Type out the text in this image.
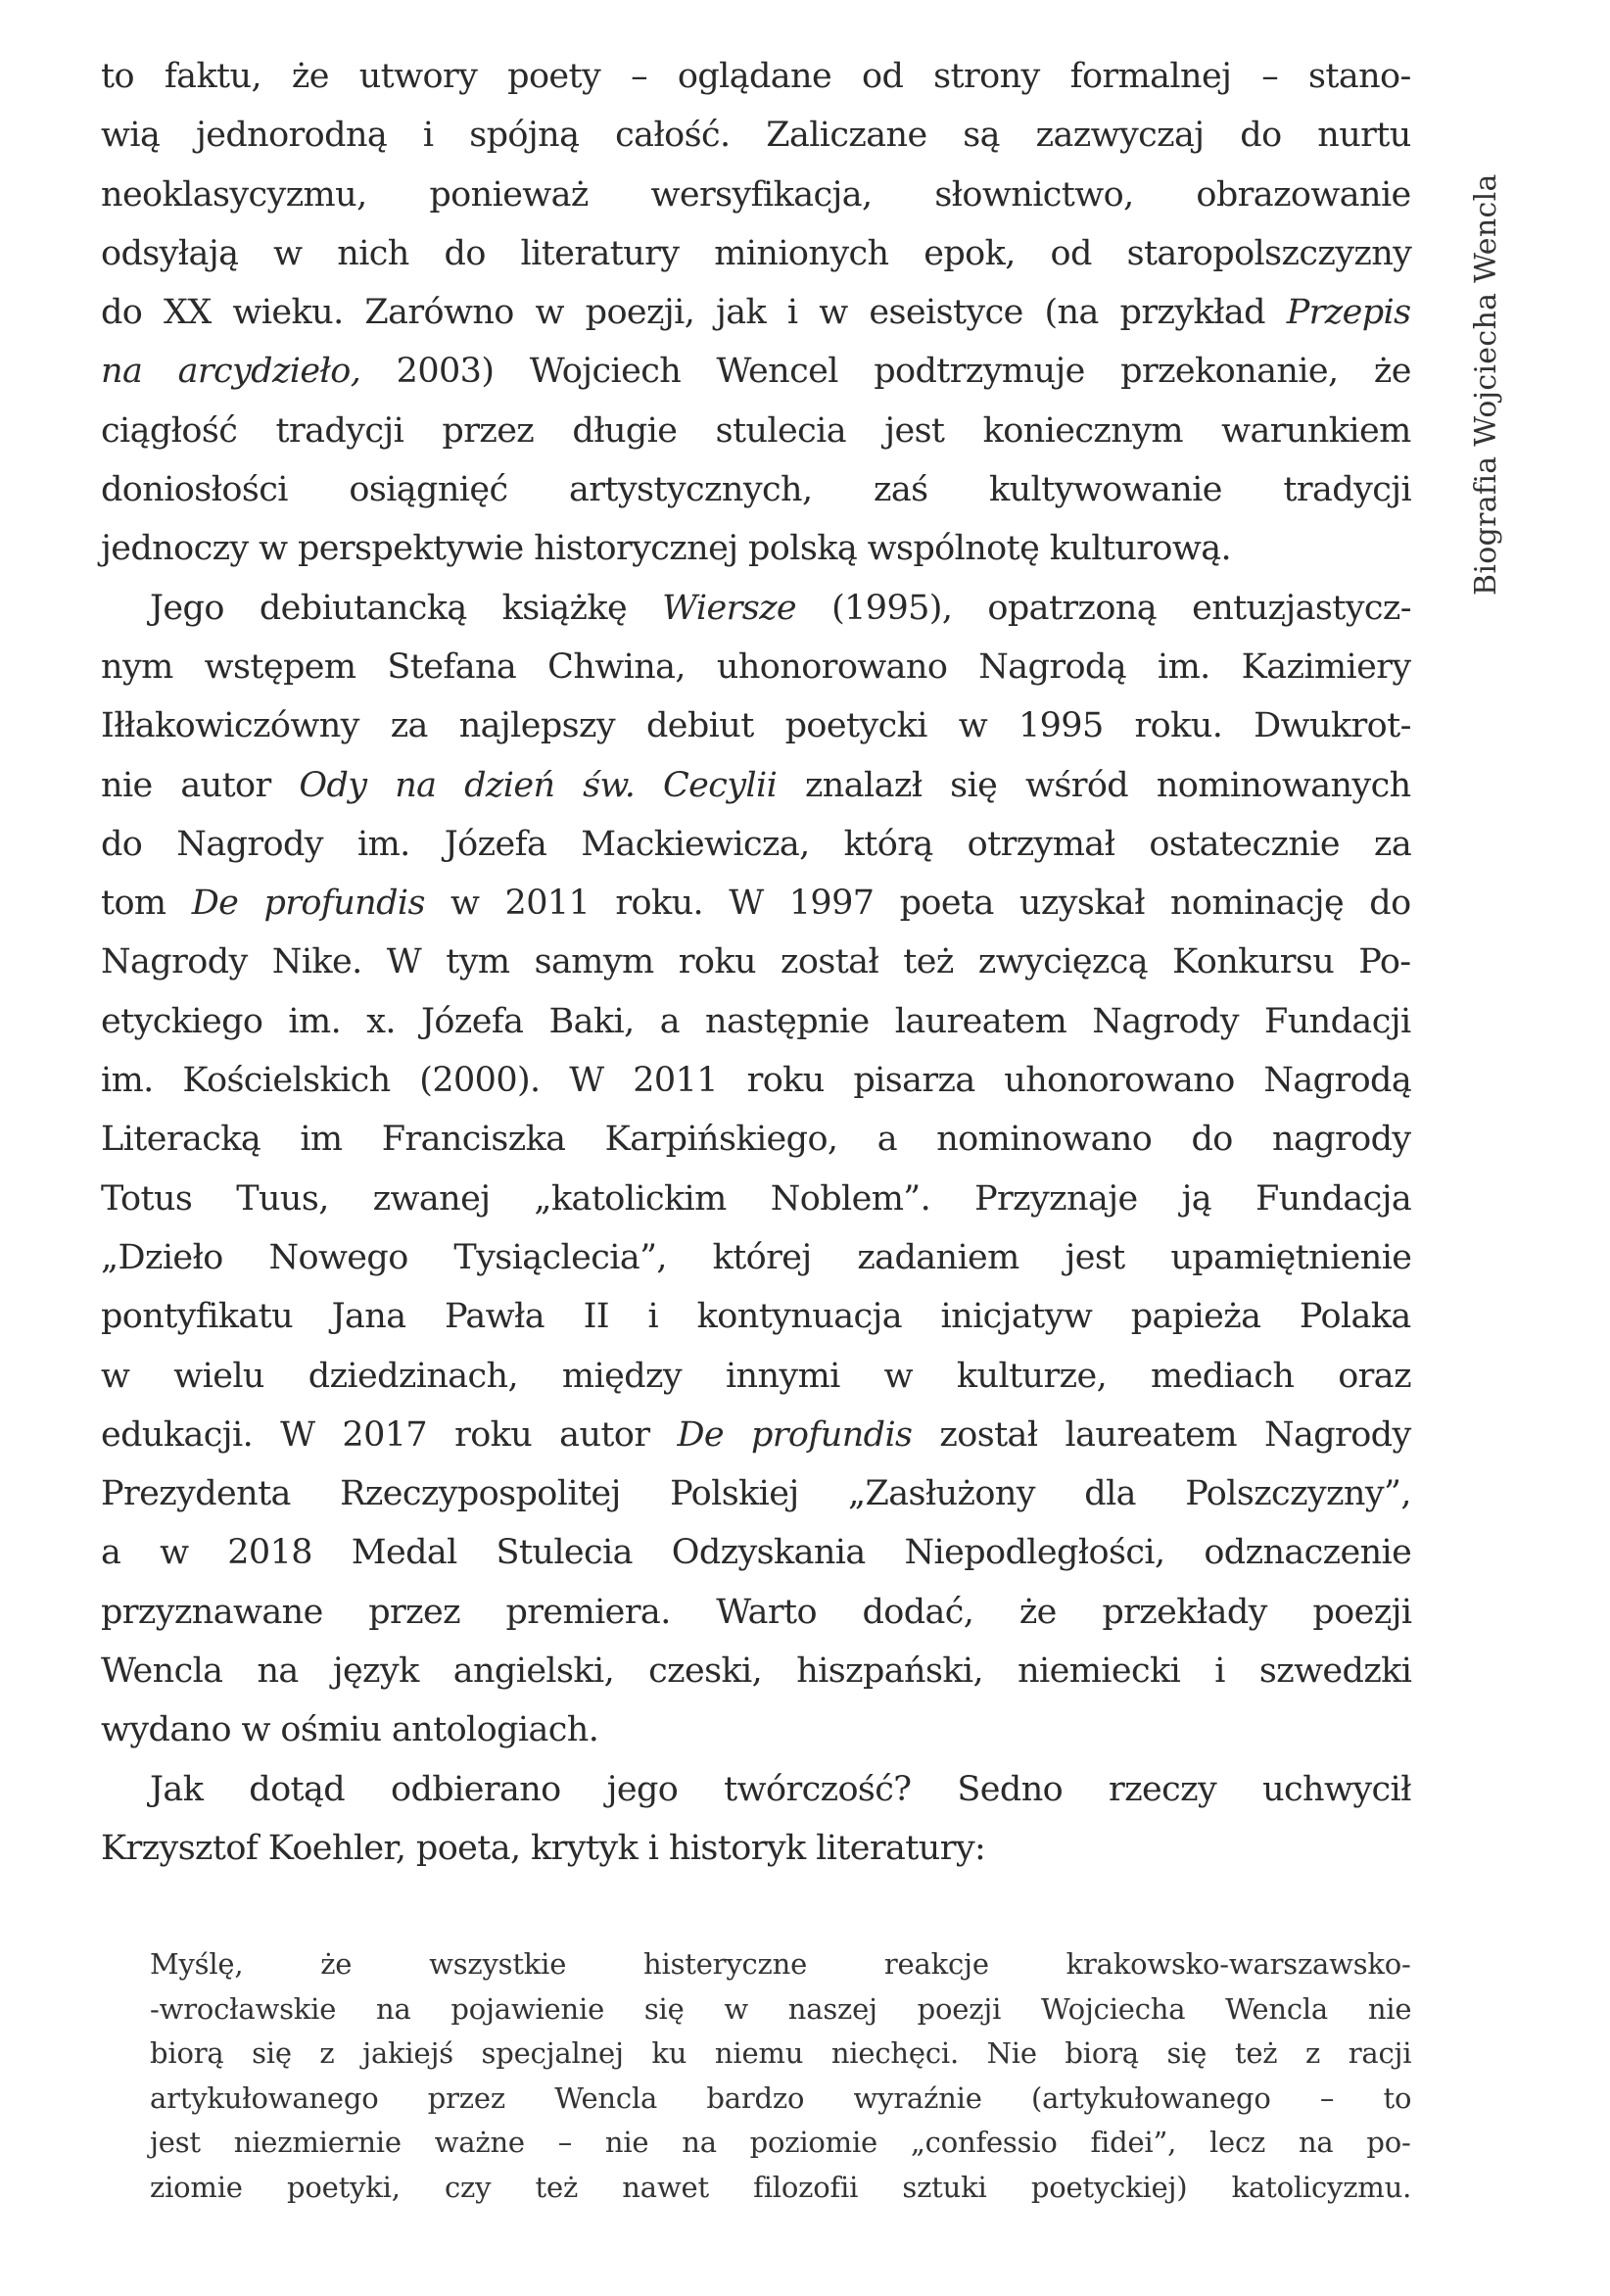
Biografia Wojciecha Wencla
to faktu, że utwory poety – oglądane od strony formalnej – stano-
wią jednorodną i spójną całość. Zaliczane są zazwyczaj do nurtu
neoklasycyzmu, ponieważ wersyfikacja, słownictwo, obrazowanie
odsyłają w nich do literatury minionych epok, od staropolszczyzny
do XX wieku. Zarówno w poezji, jak i w eseistyce (na przykład Przepis
na arcydzieło, 2003) Wojciech Wencel podtrzymuje przekonanie, że
ciągłość tradycji przez długie stulecia jest koniecznym warunkiem
doniosłości osiągnięć artystycznych, zaś kultywowanie tradycji
jednoczy w perspektywie historycznej polską wspólnotę kulturową.
Jego debiutancką książkę Wiersze (1995), opatrzoną entuzjastycz-
nym wstępem Stefana Chwina, uhonorowano Nagrodą im. Kazimiery
Iłłakowiczówny za najlepszy debiut poetycki w 1995 roku. Dwukrot-
nie autor Ody na dzień św. Cecylii znalazł się wśród nominowanych
do Nagrody im. Józefa Mackiewicza, którą otrzymał ostatecznie za
tom De profundis w 2011 roku. W 1997 poeta uzyskał nominację do
Nagrody Nike. W tym samym roku został też zwycięzcą Konkursu Po-
etyckiego im. x. Józefa Baki, a następnie laureatem Nagrody Fundacji
im. Kościelskich (2000). W 2011 roku pisarza uhonorowano Nagrodą
Literacką im Franciszka Karpińskiego, a nominowano do nagrody
Totus Tuus, zwanej „katolickim Noblem”. Przyznaje ją Fundacja
„Dzieło Nowego Tysiąclecia”, której zadaniem jest upamiętnienie
pontyfikatu Jana Pawła II i kontynuacja inicjatyw papieża Polaka
w wielu dziedzinach, między innymi w kulturze, mediach oraz
edukacji. W 2017 roku autor De profundis został laureatem Nagrody
Prezydenta Rzeczypospolitej Polskiej „Zasłużony dla Polszczyzny”,
a w 2018 Medal Stulecia Odzyskania Niepodległości, odznaczenie
przyznawane przez premiera. Warto dodać, że przekłady poezji
Wencla na język angielski, czeski, hiszpański, niemiecki i szwedzki
wydano w ośmiu antologiach.
Jak dotąd odbierano jego twórczość? Sedno rzeczy uchwycił
Krzysztof Koehler, poeta, krytyk i historyk literatury:
Myślę, że wszystkie histeryczne reakcje krakowsko-warszawsko-
-wrocławskie na pojawienie się w naszej poezji Wojciecha Wencla nie
biorą się z jakiejś specjalnej ku niemu niechęci. Nie biorą się też z racji
artykułowanego przez Wencla bardzo wyraźnie (artykułowanego – to
jest niezmiernie ważne – nie na poziomie „confessio fidei”, lecz na po-
ziomie poetyki, czy też nawet filozofii sztuki poetyckiej) katolicyzmu.
